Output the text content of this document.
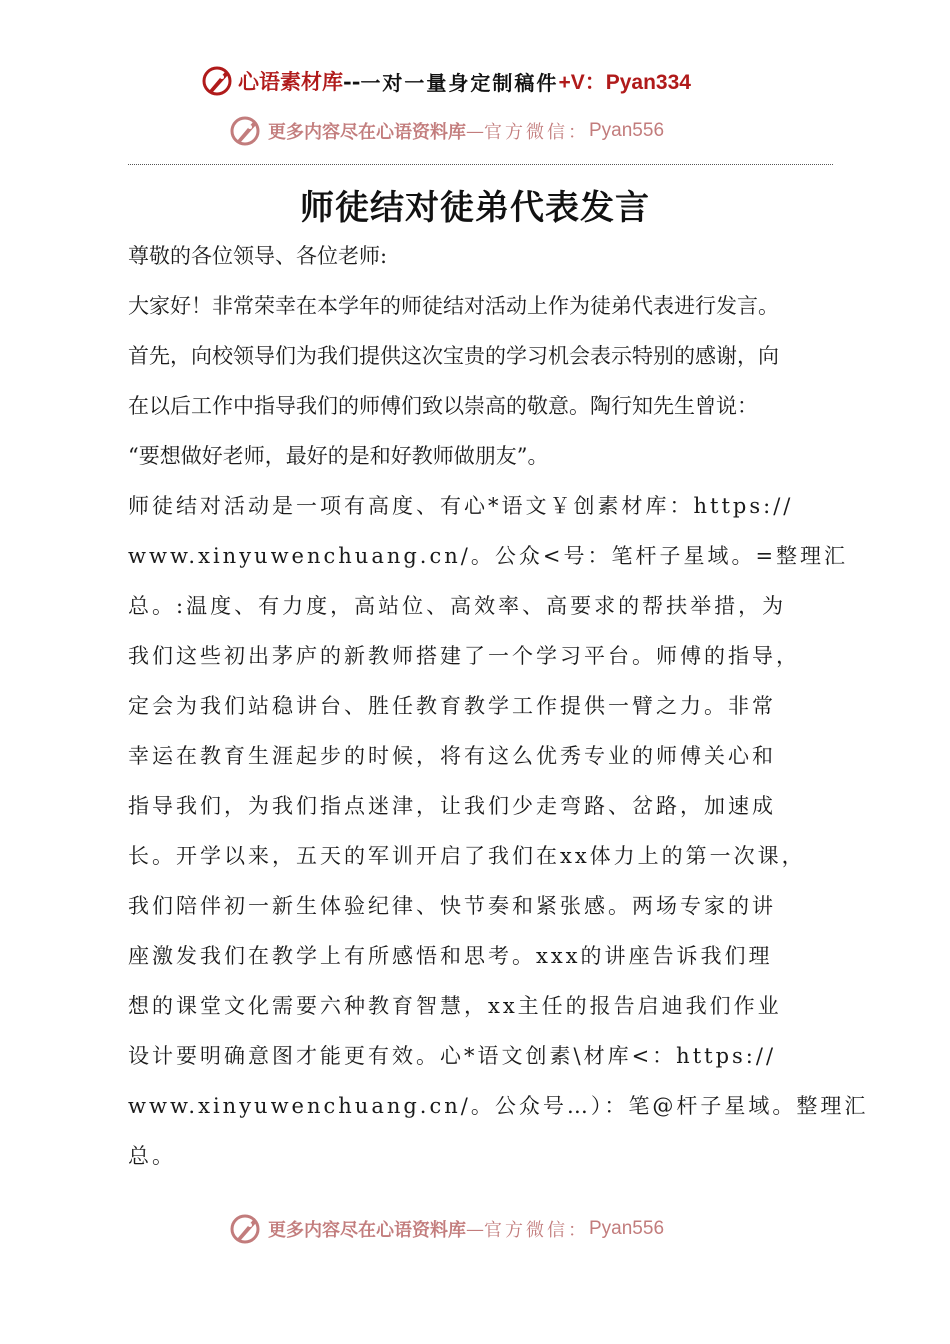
心语素材库 -- 一对一量身定制稿件 +V：Pyan334
更多内容尽在心语资料库 — 官方微信： Pyan556
师徒结对徒弟代表发言
尊敬的各位领导、各位老师:
大家好！非常荣幸在本学年的师徒结对活动上作为徒弟代表进行发言。
首先，向校领导们为我们提供这次宝贵的学习机会表示特别的感谢，向
在以后工作中指导我们的师傅们致以崇高的敬意。陶行知先生曾说：
“要想做好老师，最好的是和好教师做朋友”。
师徒结对活动是一项有高度、有心*语文￥创素材库：https://
www.xinyuwenchuang.cn/。公众<号：笔杆子星域。=整理汇
总。:温度、有力度，高站位、高效率、高要求的帮扶举措，为
我们这些初出茅庐的新教师搭建了一个学习平台。师傅的指导，
定会为我们站稳讲台、胜任教育教学工作提供一臂之力。非常
幸运在教育生涯起步的时候，将有这么优秀专业的师傅关心和
指导我们，为我们指点迷津，让我们少走弯路、岔路，加速成
长。开学以来，五天的军训开启了我们在xx体力上的第一次课，
我们陪伴初一新生体验纪律、快节奏和紧张感。两场专家的讲
座激发我们在教学上有所感悟和思考。xxx的讲座告诉我们理
想的课堂文化需要六种教育智慧，xx主任的报告启迪我们作业
设计要明确意图才能更有效。心*语文创素\材库<：https://
www.xinyuwenchuang.cn/。公众号…）：笔@杆子星域。整理汇
总。
更多内容尽在心语资料库 — 官方微信： Pyan556
